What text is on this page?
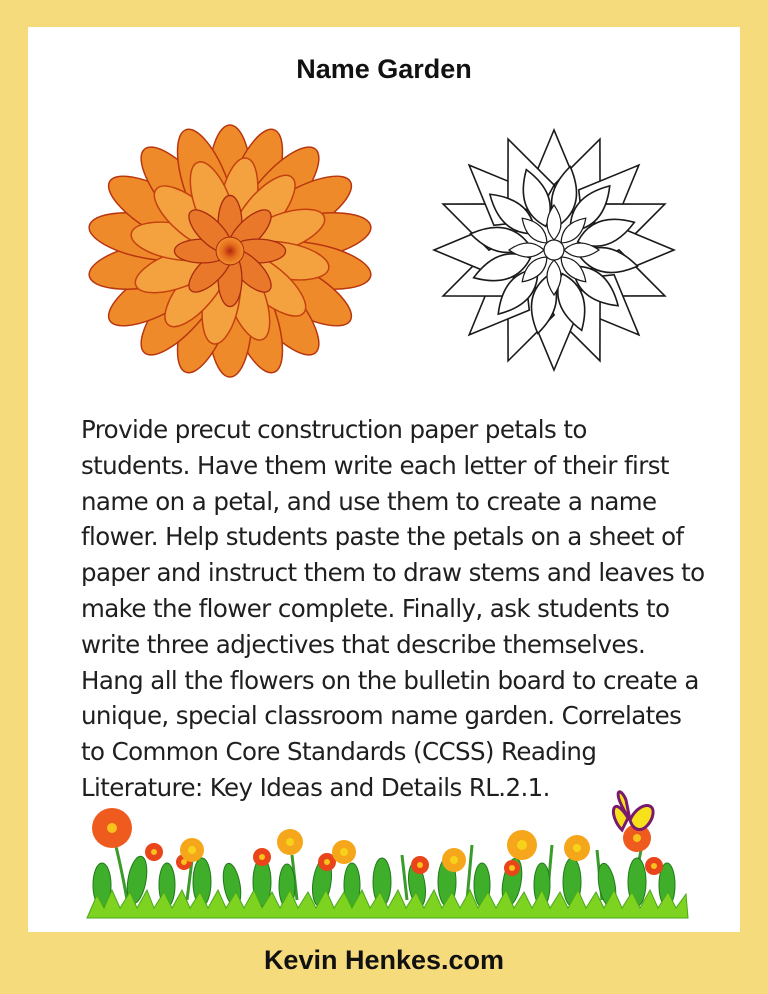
Name Garden
Provide precut construction paper petals to
students. Have them write each letter of their first
name on a petal, and use them to create a name
flower. Help students paste the petals on a sheet of
paper and instruct them to draw stems and leaves to
make the flower complete. Finally, ask students to
write three adjectives that describe themselves.
Hang all the flowers on the bulletin board to create a
unique, special classroom name garden. Correlates
to Common Core Standards (CCSS) Reading
Literature: Key Ideas and Details RL.2.1.
Kevin Henkes.com
